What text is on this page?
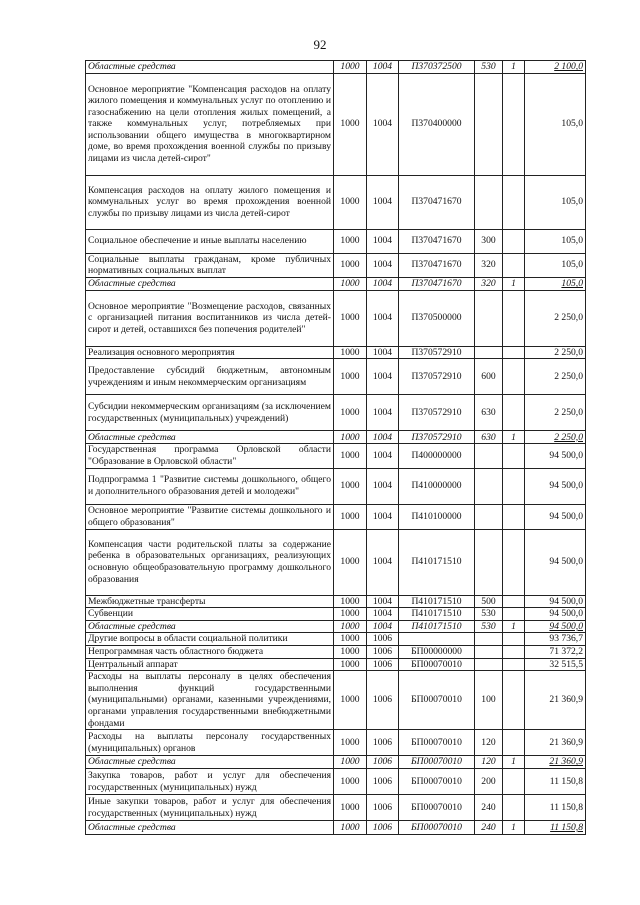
92
Областные средства	1000	1004	П370372500	530	1	2 100,0
Основное мероприятие "Компенсация расходов на оплату жилого помещения и коммунальных услуг по отоплению и газоснабжению на цели отопления жилых помещений, а также коммунальных услуг, потребляемых при использовании общего имущества в многоквартирном доме, во время прохождения военной службы по призыву лицами из числа детей-сирот"	1000	1004	П370400000			105,0
Компенсация расходов на оплату жилого помещения и коммунальных услуг во время прохождения военной службы по призыву лицами из числа детей-сирот	1000	1004	П370471670			105,0
Социальное обеспечение и иные выплаты населению	1000	1004	П370471670	300		105,0
Социальные выплаты гражданам, кроме публичных нормативных социальных выплат	1000	1004	П370471670	320		105,0
Областные средства	1000	1004	П370471670	320	1	105,0
Основное мероприятие "Возмещение расходов, связанных с организацией питания воспитанников из числа детей-сирот и детей, оставшихся без попечения родителей"	1000	1004	П370500000			2 250,0
Реализация основного мероприятия	1000	1004	П370572910			2 250,0
Предоставление субсидий бюджетным, автономным учреждениям и иным некоммерческим организациям	1000	1004	П370572910	600		2 250,0
Субсидии некоммерческим организациям (за исключением государственных (муниципальных) учреждений)	1000	1004	П370572910	630		2 250,0
Областные средства	1000	1004	П370572910	630	1	2 250,0
Государственная программа Орловской области "Образование в Орловской области"	1000	1004	П400000000			94 500,0
Подпрограмма 1 "Развитие системы дошкольного, общего и дополнительного образования детей и молодежи"	1000	1004	П410000000			94 500,0
Основное мероприятие "Развитие системы дошкольного и общего образования"	1000	1004	П410100000			94 500,0
Компенсация части родительской платы за содержание ребенка в образовательных организациях, реализующих основную общеобразовательную программу дошкольного образования	1000	1004	П410171510			94 500,0
Межбюджетные трансферты	1000	1004	П410171510	500		94 500,0
Субвенции	1000	1004	П410171510	530		94 500,0
Областные средства	1000	1004	П410171510	530	1	94 500,0
Другие вопросы в области социальной политики	1000	1006				93 736,7
Непрограммная часть областного бюджета	1000	1006	БП00000000			71 372,2
Центральный аппарат	1000	1006	БП00070010			32 515,5
Расходы на выплаты персоналу в целях обеспечения выполнения функций государственными (муниципальными) органами, казенными учреждениями, органами управления государственными внебюджетными фондами	1000	1006	БП00070010	100		21 360,9
Расходы на выплаты персоналу государственных (муниципальных) органов	1000	1006	БП00070010	120		21 360,9
Областные средства	1000	1006	БП00070010	120	1	21 360,9
Закупка товаров, работ и услуг для обеспечения государственных (муниципальных) нужд	1000	1006	БП00070010	200		11 150,8
Иные закупки товаров, работ и услуг для обеспечения государственных (муниципальных) нужд	1000	1006	БП00070010	240		11 150,8
Областные средства	1000	1006	БП00070010	240	1	11 150,8
